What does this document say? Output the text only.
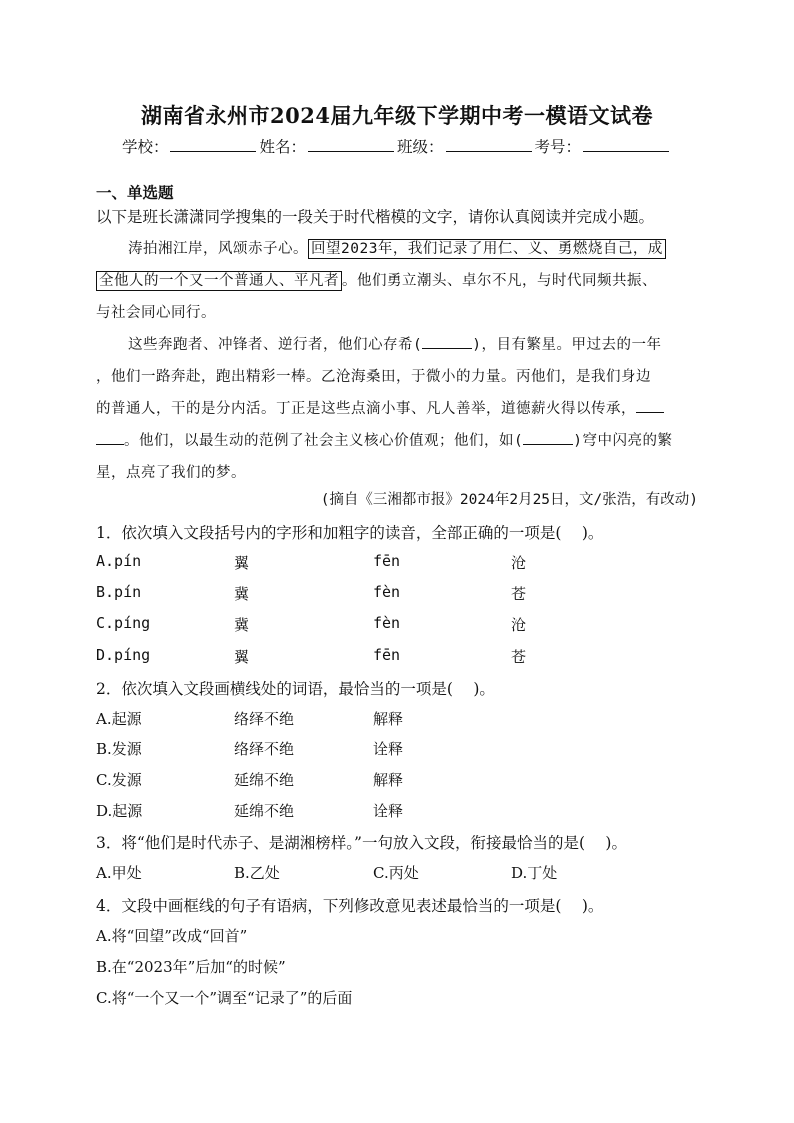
湖南省永州市2024届九年级下学期中考一模语文试卷
学校：	姓名：	班级：	考号：
一、单选题
以下是班长潇潇同学搜集的一段关于时代楷模的文字，请你认真阅读并完成小题。
涛拍湘江岸，风颂赤子心。 回望2023年，我们记录了用仁、义、勇燃烧自己，成
全他人的一个又一个普通人、平凡者 。他们勇立潮头、卓尔不凡，与时代同频共振、
与社会同心同行。
这些奔跑者、冲锋者、逆行者，他们心存希(	)，目有繁星。甲过去的一年
，他们一路奔赴，跑出精彩一棒。乙沧海桑田，于微小的力量。丙他们，是我们身边
的普通人，干的是分内活。丁正是这些点滴小事、凡人善举，道德薪火得以传承，
。他们，以最生动的范例了社会主义核心价值观；他们，如(	)穹中闪亮的繁
星，点亮了我们的梦。
(摘自《三湘都市报》2024年2月25日，文/张浩，有改动)
1．依次填入文段括号内的字形和加粗字的读音，全部正确的一项是(　 )。
A.pín	翼	fēn	沧
B.pín	冀	fèn	苍
C.píng	冀	fèn	沧
D.píng	翼	fēn	苍
2．依次填入文段画横线处的词语，最恰当的一项是(　 )。
A.起源	络绎不绝	解释
B.发源	络绎不绝	诠释
C.发源	延绵不绝	解释
D.起源	延绵不绝	诠释
3．将“他们是时代赤子、是湖湘榜样。”一句放入文段，衔接最恰当的是(　 )。
A.甲处	B.乙处	C.丙处	D.丁处
4．文段中画框线的句子有语病，下列修改意见表述最恰当的一项是(　 )。
A.将“回望”改成“回首”
B.在“2023年”后加“的时候”
C.将“一个又一个”调至“记录了”的后面
